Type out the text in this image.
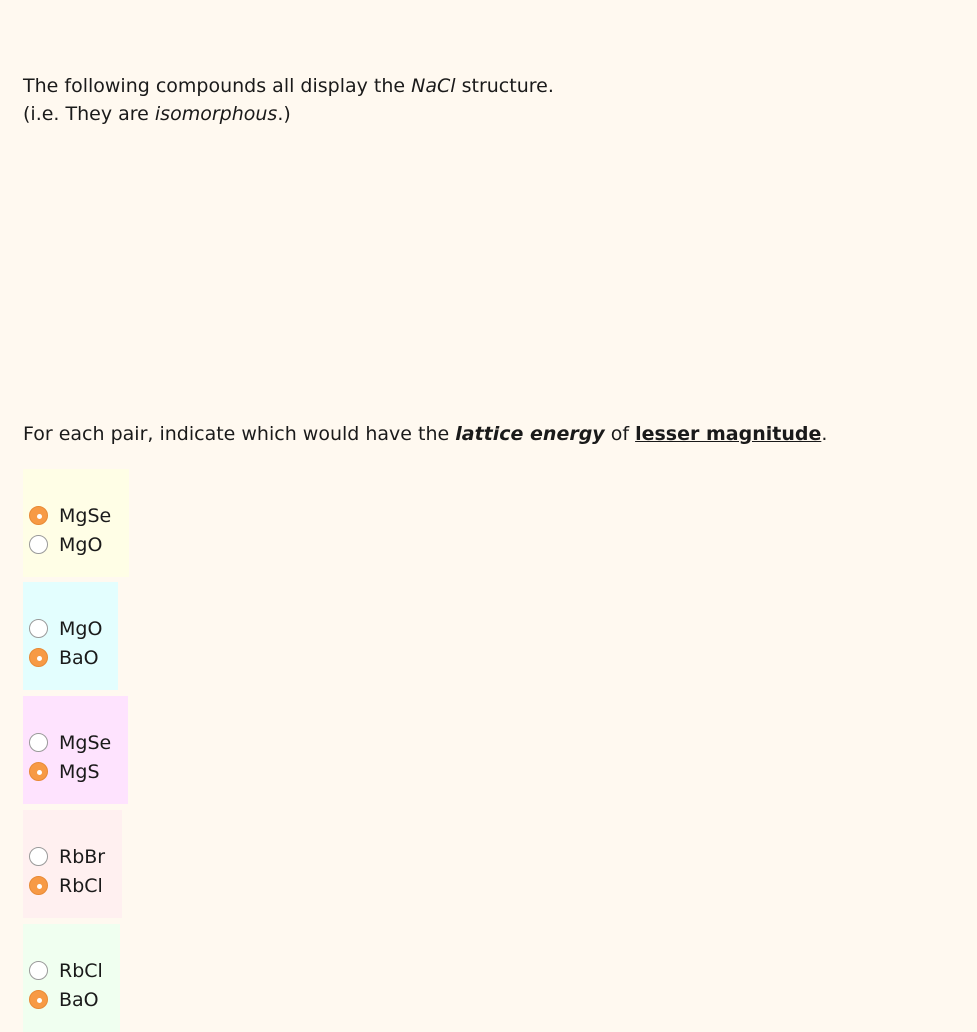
The following compounds all display the NaCl structure.

(i.e. They are isomorphous.)

For each pair, indicate which would have the lattice energy of lesser magnitude.
MgSe
MgO
MgO
BaO
MgSe
MgS
RbBr
RbCl
RbCl
BaO
